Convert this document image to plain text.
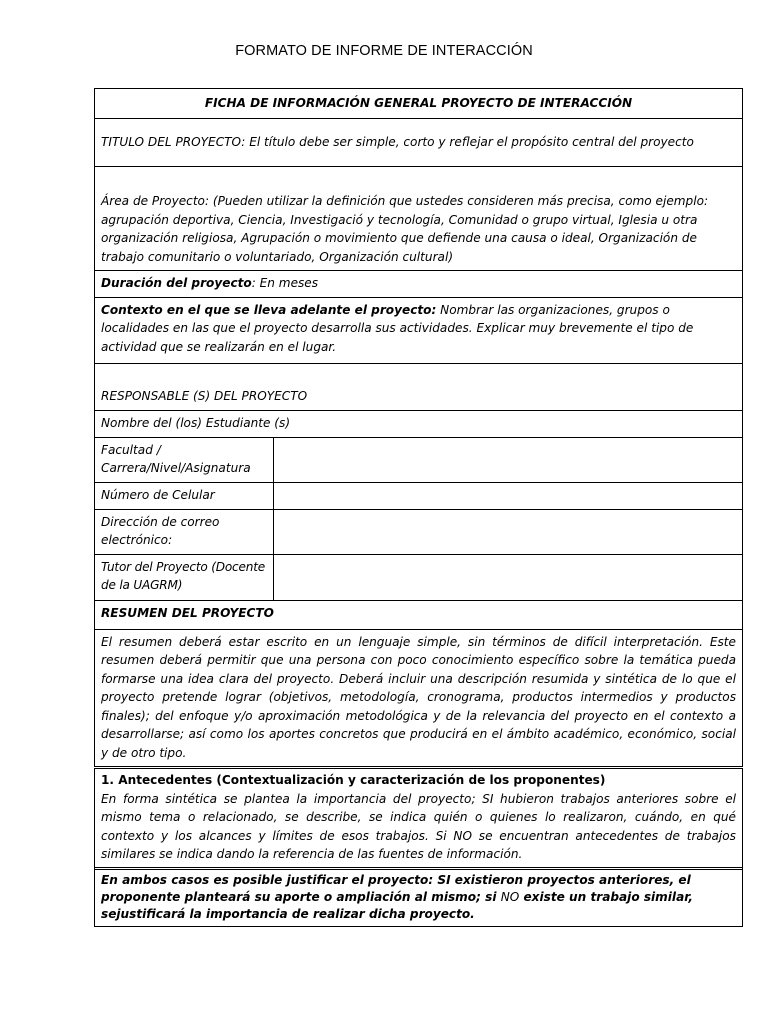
FORMATO DE INFORME DE INTERACCIÓN
FICHA DE INFORMACIÓN GENERAL PROYECTO DE INTERACCIÓN	
TITULO DEL PROYECTO: El título debe ser simple, corto y reflejar el propósito central del proyecto	
Área de Proyecto: (Pueden utilizar la definición que ustedes consideren más precisa, como ejemplo: agrupación deportiva, Ciencia, Investigació y tecnología, Comunidad o grupo virtual, Iglesia u otra organización religiosa, Agrupación o movimiento que defiende una causa o ideal, Organización de trabajo comunitario o voluntariado, Organización cultural)	
Duración del proyecto: En meses	
Contexto en el que se lleva adelante el proyecto: Nombrar las organizaciones, grupos o localidades en las que el proyecto desarrolla sus actividades. Explicar muy brevemente el tipo de actividad que se realizarán en el lugar.	
RESPONSABLE (S) DEL PROYECTO	
Nombre del (los) Estudiante (s)	
Facultad / Carrera/Nivel/Asignatura	
Número de Celular	
Dirección de correo electrónico:	
Tutor del Proyecto (Docente de la UAGRM)	
RESUMEN DEL PROYECTO	
El resumen deberá estar escrito en un lenguaje simple, sin términos de difícil interpretación. Este resumen deberá permitir que una persona con poco conocimiento específico sobre la temática pueda formarse una idea clara del proyecto. Deberá incluir una descripción resumida y sintética de lo que el proyecto pretende lograr (objetivos, metodología, cronograma, productos intermedios y productos finales); del enfoque y/o aproximación metodológica y de la relevancia del proyecto en el contexto a desarrollarse; así como los aportes concretos que producirá en el ámbito académico, económico, social y de otro tipo.	

1. Antecedentes (Contextualización y caracterización de los proponentes)
En forma sintética se plantea la importancia del proyecto; SI hubieron trabajos anteriores sobre el mismo tema o relacionado, se describe, se indica quién o quienes lo realizaron, cuándo, en qué contexto y los alcances y límites de esos trabajos. Si NO se encuentran antecedentes de trabajos similares se indica dando la referencia de las fuentes de información.
En ambos casos es posible justificar el proyecto: SI existieron proyectos anteriores, el proponente planteará su aporte o ampliación al mismo; si NO existe un trabajo similar, sejustificará la importancia de realizar dicha proyecto.	
